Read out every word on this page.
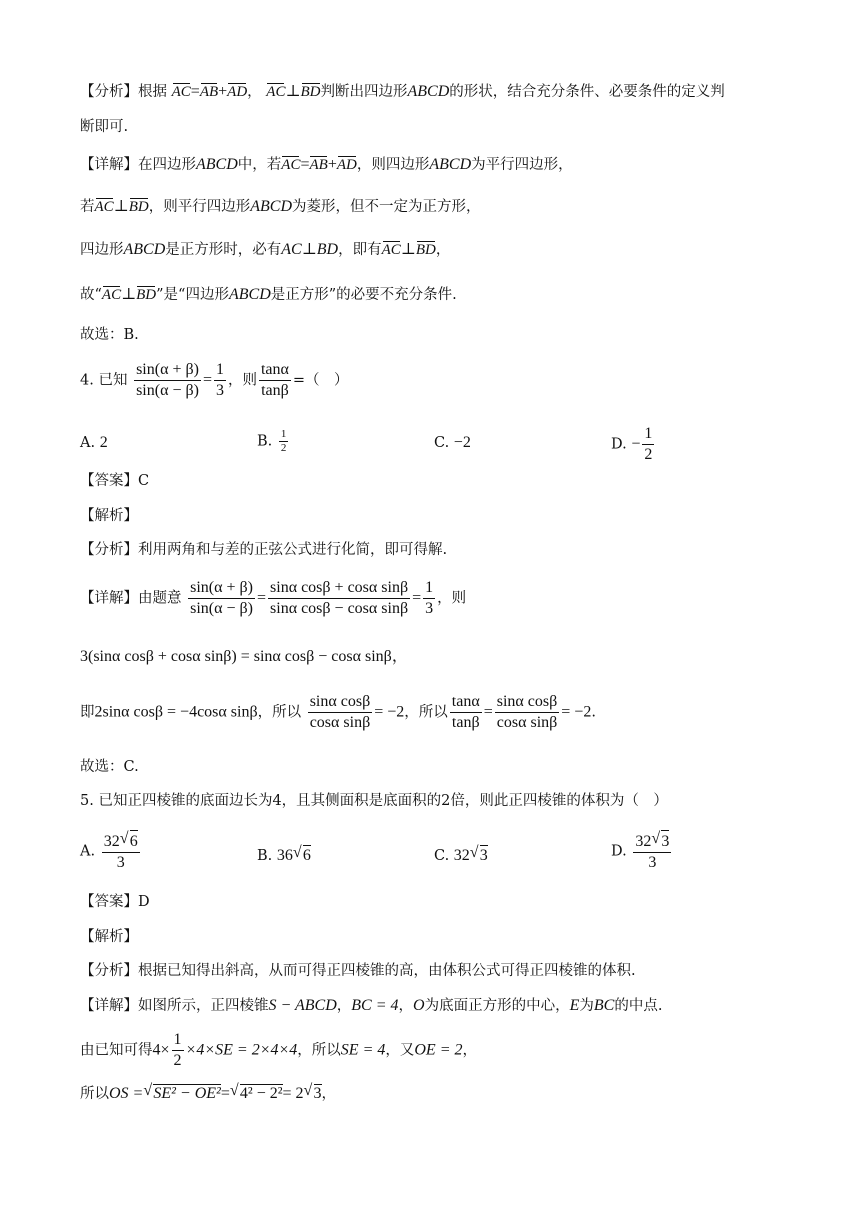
【分析】根据 AC=AB+AD， AC⊥BD判断出四边形ABCD的形状，结合充分条件、必要条件的定义判
断即可.
【详解】在四边形ABCD中，若AC=AB+AD，则四边形ABCD为平行四边形，
若AC⊥BD，则平行四边形ABCD为菱形，但不一定为正方形，
四边形ABCD是正方形时，必有AC⊥BD，即有AC⊥BD，
故“AC⊥BD”是“四边形ABCD是正方形”的必要不充分条件.
故选：B.
4. 已知 $\frac{\sin(\alpha + \beta)}{\sin(\alpha - \beta)} = \frac{1}{3}$ ，则 $\frac{\tan\alpha}{\tan\beta}$ =（　）
A. 2	B. $\frac{1}{2}$	C. −2	D. − $\frac{1}{2}$
【答案】C
【解析】
【分析】利用两角和与差的正弦公式进行化简，即可得解.
【详解】由题意 $\frac{\sin(\alpha + \beta)}{\sin(\alpha - \beta)} = \frac{\text{sinα cosβ + cosα sinβ}}{\text{sinα cosβ − cosα sinβ}} = \frac{1}{3}$ ，则
3(sinα cosβ + cosα sinβ) = sinα cosβ − cosα sinβ，
即2sinα cosβ = −4cosα sinβ，所以 $\frac{\text{sinα cosβ}}{\text{cosα sinβ}} = -2$，所以 $\frac{\tan\alpha}{\tan\beta} = \frac{\text{sinα cosβ}}{\text{cosα sinβ}} = -2$.
故选：C.
5. 已知正四棱锥的底面边长为4，且其侧面积是底面积的2倍，则此正四棱锥的体积为（　）
A. $\frac{32 √ 6}{3}$	B. 36 √ 6	C. 32 √ 3	D. $\frac{32 √ 3}{3}$
【答案】D
【解析】
【分析】根据已知得出斜高，从而可得正四棱锥的高，由体积公式可得正四棱锥的体积.
【详解】如图所示，正四棱锥S − ABCD，BC = 4，O为底面正方形的中心，E为BC的中点.
由已知可得$4\times \frac{1}{2} \times 4\times SE = 2\times 4\times 4$，所以SE = 4，又OE = 2，
所以OS = √ SE² − OE²= √ 4² − 2²= 2 √ 3，
